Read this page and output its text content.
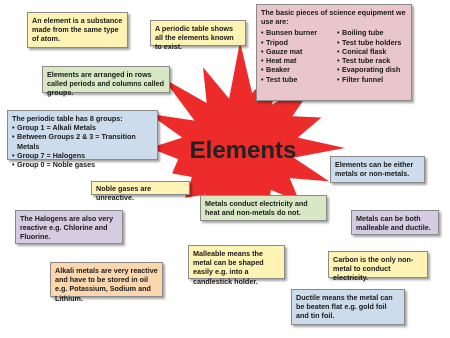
Elements
An element is a substance made from the same type of atom.
A periodic table shows all the elements known to exist.
The basic pieces of science equipment we use are:
• Bunsen burner
• Tripod
• Gauze mat
• Heat mat
• Beaker
• Test tube
• Boiling tube
• Test tube holders
• Conical flask
• Test tube rack
• Evaporating dish
• Filter funnel
Elements are arranged in rows called periods and columns called groups.
The periodic table has 8 groups:
• Group 1 = Alkali Metals
• Between Groups 2 & 3 = Transition Metals
• Group 7 = Halogens
• Group 0 = Noble gases	Elements can be either metals or non-metals.
Noble gases are unreactive.
Metals conduct electricity and heat and non-metals do not.
The Halogens are also very reactive e.g. Chlorine and Fluorine.
Metals can be both malleable and ductile.
Malleable means the metal can be shaped easily e.g. into a candlestick holder.
Carbon is the only non-metal to conduct electricity.
Alkali metals are very reactive and have to be stored in oil e.g. Potassium, Sodium and Lithium.	Ductile means the metal can be beaten flat e.g. gold foil and tin foil.
